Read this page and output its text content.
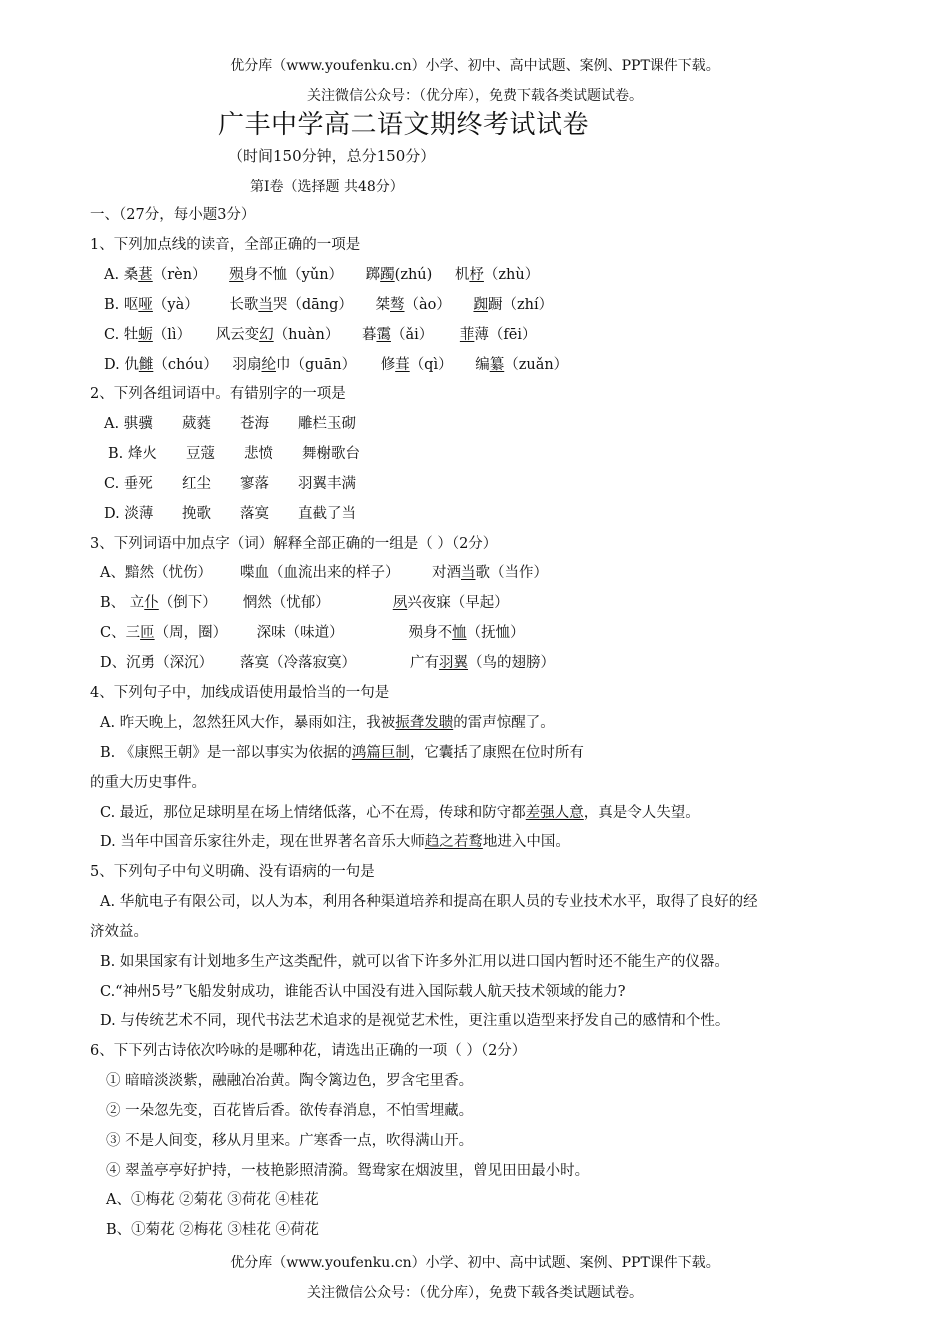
优分库（www.youfenku.cn）小学、初中、高中试题、案例、PPT课件下载。
关注微信公众号：（优分库），免费下载各类试题试卷。
广丰中学高二语文期终考试试卷
（时间150分钟，总分150分）
第I卷（选择题 共48分）
一、（27分，每小题3分）
1、下列加点线的读音，全部正确的一项是
A. 桑葚（rèn） 殒身不恤（yǔn） 踯躅(zhú) 机杼（zhù）
B. 呕哑（yà） 长歌当哭（dāng） 桀骜（ào） 踟蹰（zhí）
C. 牡蛎（lì） 风云变幻（huàn） 暮霭（ǎi） 菲薄（fēi）
D. 仇雠（chóu） 羽扇纶巾（guān） 修葺（qì） 编纂（zuǎn）
2、下列各组词语中。有错别字的一项是
A. 骐骥 葳蕤 苍海 雕栏玉砌
B. 烽火 豆蔻 悲愤 舞榭歌台
C. 垂死 红尘 寥落 羽翼丰满
D. 淡薄 挽歌 落寞 直截了当
3、下列词语中加点字（词）解释全部正确的一组是（ ）（2分）
A、黯然（忧伤） 喋血（血流出来的样子） 对酒当歌（当作）
B、 立仆（倒下） 惘然（忧郁）	夙兴夜寐（早起）
C、三匝（周，圈） 深味（味道）	殒身不恤（抚恤）
D、沉勇（深沉） 落寞（冷落寂寞）	广有羽翼（鸟的翅膀）
4、下列句子中，加线成语使用最恰当的一句是
A. 昨天晚上，忽然狂风大作，暴雨如注，我被振聋发聩的雷声惊醒了。
B. 《康熙王朝》是一部以事实为依据的鸿篇巨制，它囊括了康熙在位时所有
的重大历史事件。
C. 最近，那位足球明星在场上情绪低落，心不在焉，传球和防守都差强人意，真是令人失望。
D. 当年中国音乐家往外走，现在世界著名音乐大师趋之若鹜地进入中国。
5、下列句子中句义明确、没有语病的一句是
A. 华航电子有限公司，以人为本，利用各种渠道培养和提高在职人员的专业技术水平，取得了良好的经
济效益。
B. 如果国家有计划地多生产这类配件，就可以省下许多外汇用以进口国内暂时还不能生产的仪器。
C.“神州5号”飞船发射成功，谁能否认中国没有进入国际载人航天技术领域的能力?
D. 与传统艺术不同，现代书法艺术追求的是视觉艺术性，更注重以造型来抒发自己的感情和个性。
6、下下列古诗依次吟咏的是哪种花，请选出正确的一项（ ）（2分）
① 暗暗淡淡紫，融融冶冶黄。陶令篱边色，罗含宅里香。
② 一朵忽先变，百花皆后香。欲传春消息，不怕雪埋藏。
③ 不是人间变，移从月里来。广寒香一点，吹得满山开。
④ 翠盖亭亭好护持，一枝艳影照清漪。鸳鸯家在烟波里，曾见田田最小时。
A、①梅花 ②菊花 ③荷花 ④桂花
B、①菊花 ②梅花 ③桂花 ④荷花
优分库（www.youfenku.cn）小学、初中、高中试题、案例、PPT课件下载。
关注微信公众号：（优分库），免费下载各类试题试卷。
